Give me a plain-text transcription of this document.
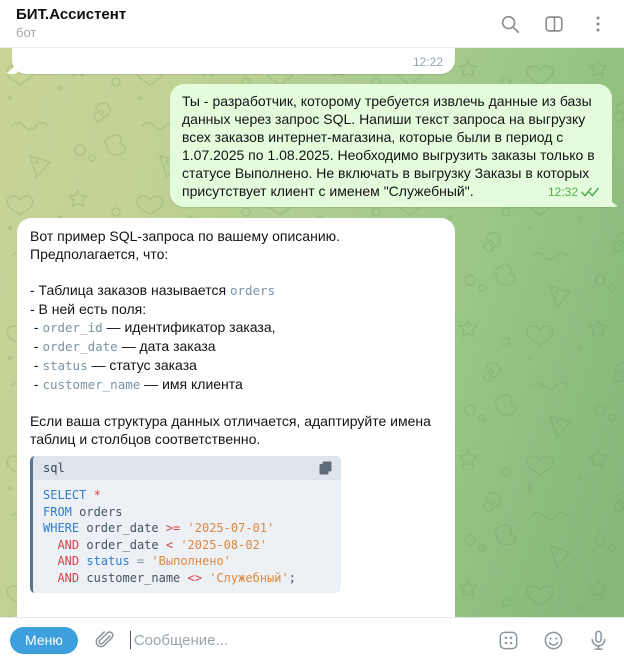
БИТ.Ассистент
бот
12:22
Ты - разработчик, которому требуется извлечь данные из базы данных через запрос SQL. Напиши текст запроса на выгрузку всех заказов интернет-магазина, которые были в период с 1.07.2025 по 1.08.2025. Необходимо выгрузить заказы только в статусе Выполнено. Не включать в выгрузку Заказы в которых присутствует клиент с именем "Служебный".	12:32
Вот пример SQL-запроса по вашему описанию. Предполагается, что:
- Таблица заказов называется orders
- В ней есть поля:
- order_id — идентификатор заказа,
- order_date — дата заказа
- status — статус заказа
- customer_name — имя клиента
Если ваша структура данных отличается, адаптируйте имена таблиц и столбцов соответственно.
sql
SELECT *
FROM orders
WHERE order_date >= '2025-07-01'
AND order_date < '2025-08-02'
AND status = 'Выполнено'
AND customer_name <> 'Служебный';
Меню
Сообщение...
